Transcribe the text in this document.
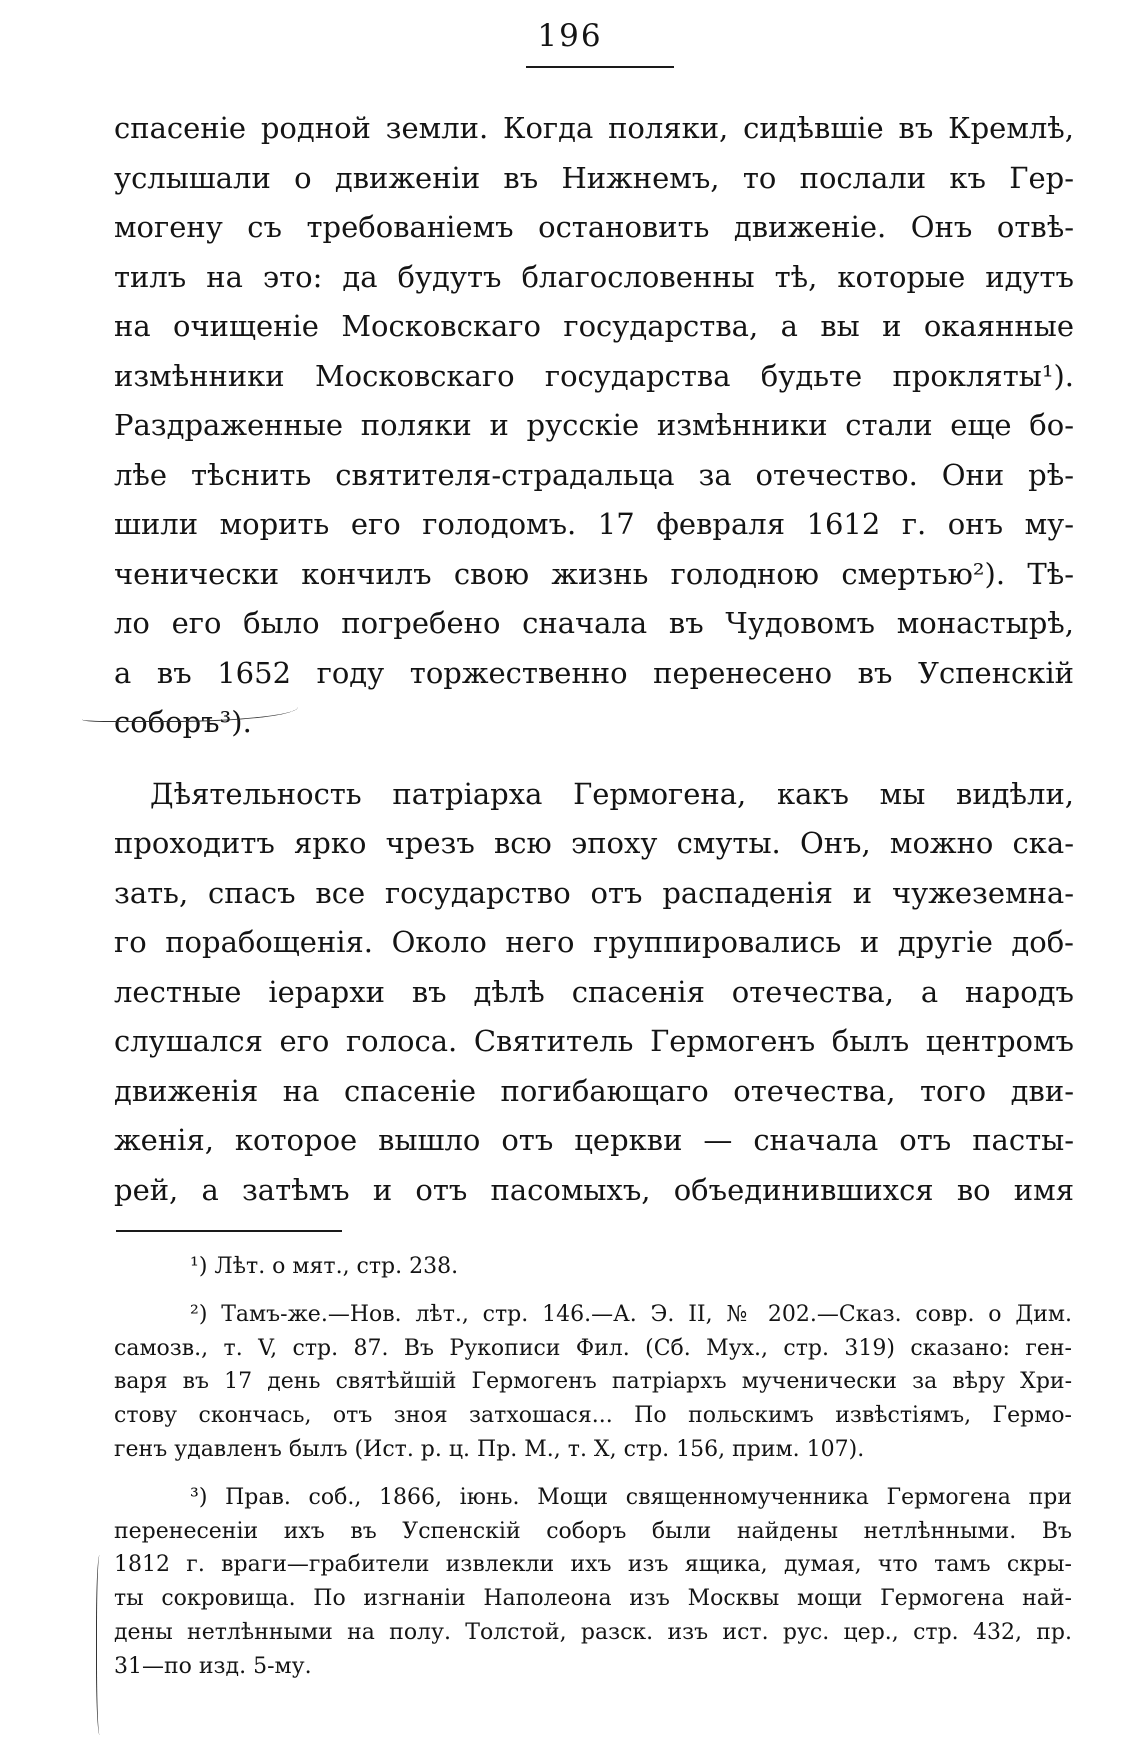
196
спасеніе родной земли. Когда поляки, сидѣвшіе въ Кремлѣ,
услышали о движеніи въ Нижнемъ, то послали къ Гер-
могену съ требованіемъ остановить движеніе. Онъ отвѣ-
тилъ на это: да будутъ благословенны тѣ, которые идутъ
на очищеніе Московскаго государства, а вы и окаянные
измѣнники Московскаго государства будьте прокляты¹).
Раздраженные поляки и русскіе измѣнники стали еще бо-
лѣе тѣснить святителя-страдальца за отечество. Они рѣ-
шили морить его голодомъ. 17 февраля 1612 г. онъ му-
ченически кончилъ свою жизнь голодною смертью²). Тѣ-
ло его было погребено сначала въ Чудовомъ монастырѣ,
а въ 1652 году торжественно перенесено въ Успенскій
соборъ³).
Дѣятельность патріарха Гермогена, какъ мы видѣли,
проходитъ ярко чрезъ всю эпоху смуты. Онъ, можно ска-
зать, спасъ все государство отъ распаденія и чужеземна-
го порабощенія. Около него группировались и другіе доб-
лестные іерархи въ дѣлѣ спасенія отечества, а народъ
слушался его голоса. Святитель Гермогенъ былъ центромъ
движенія на спасеніе погибающаго отечества, того дви-
женія, которое вышло отъ церкви — сначала отъ пасты-
рей, а затѣмъ и отъ пасомыхъ, объединившихся во имя
¹) Лѣт. о мят., стр. 238.
²) Тамъ-же.—Нов. лѣт., стр. 146.—А. Э. II, № 202.—Сказ. совр. о Дим.
самозв., т. V, стр. 87. Въ Рукописи Фил. (Сб. Мух., стр. 319) сказано: ген-
варя въ 17 день святѣйшій Гермогенъ патріархъ мученически за вѣру Хри-
стову скончась, отъ зноя затхошася... По польскимъ извѣстіямъ, Гермо-
генъ удавленъ былъ (Ист. р. ц. Пр. М., т. X, стр. 156, прим. 107).
³) Прав. соб., 1866, іюнь. Мощи священномученника Гермогена при
перенесеніи ихъ въ Успенскій соборъ были найдены нетлѣнными. Въ
1812 г. враги—грабители извлекли ихъ изъ ящика, думая, что тамъ скры-
ты сокровища. По изгнаніи Наполеона изъ Москвы мощи Гермогена най-
дены нетлѣнными на полу. Толстой, разск. изъ ист. рус. цер., стр. 432, пр.
31—по изд. 5-му.
